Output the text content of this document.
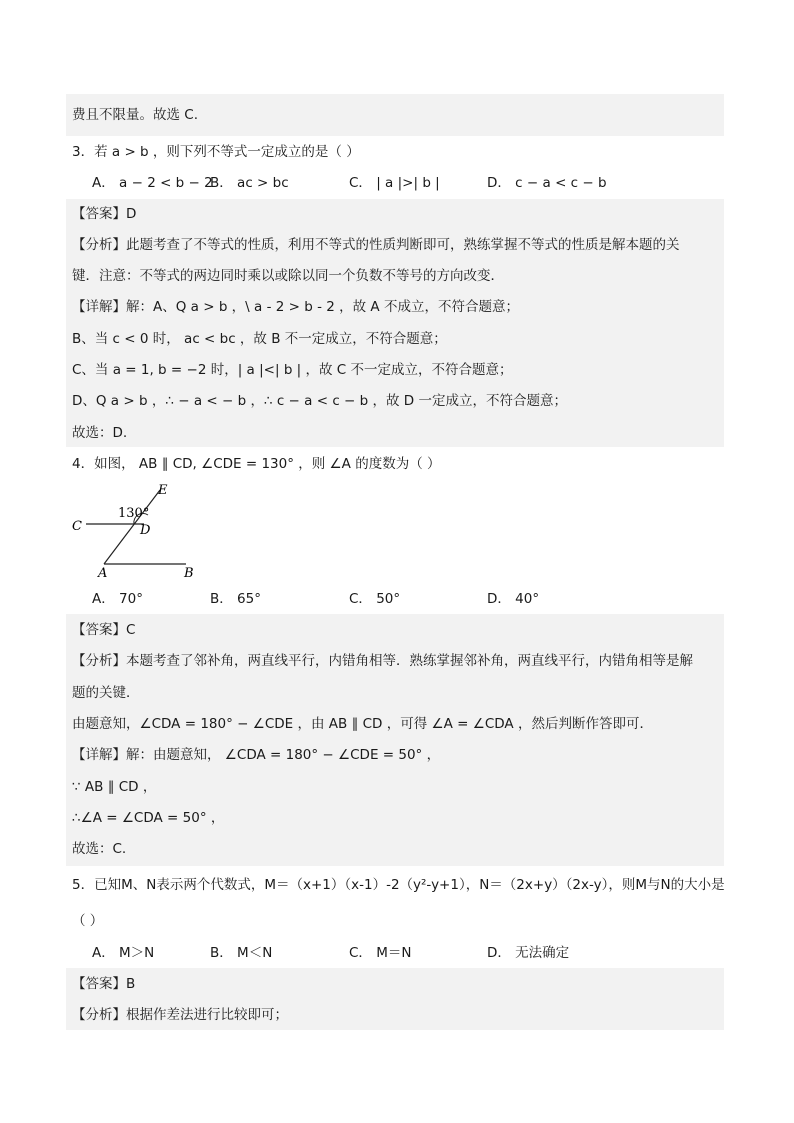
费且不限量。故选 C.
3．若 a > b ，则下列不等式一定成立的是（ ）
A． a − 2 < b − 2
B． ac > bc	C． | a |>| b |	D． c − a < c − b
【答案】D
【分析】此题考查了不等式的性质，利用不等式的性质判断即可，熟练掌握不等式的性质是解本题的关
键．注意：不等式的两边同时乘以或除以同一个负数不等号的方向改变．
【详解】解：A、Q a > b ，\ a - 2 > b - 2 ，故 A 不成立，不符合题意；
B、当 c < 0 时， ac < bc ，故 B 不一定成立，不符合题意；
C、当 a = 1, b = −2 时，| a |<| b | ，故 C 不一定成立，不符合题意；
D、Q a > b ，∴ − a < − b ，∴ c − a < c − b ，故 D 一定成立，不符合题意；
故选：D.
4．如图， AB ∥ CD, ∠CDE = 130° ，则 ∠A 的度数为（ ）
130°
E
C	D
A	B
A． 70°	B． 65°	C． 50°	D． 40°
【答案】C
【分析】本题考查了邻补角，两直线平行，内错角相等．熟练掌握邻补角，两直线平行，内错角相等是解
题的关键．
由题意知，∠CDA = 180° − ∠CDE ，由 AB ∥ CD ，可得 ∠A = ∠CDA ，然后判断作答即可．
【详解】解：由题意知， ∠CDA = 180° − ∠CDE = 50° ，
∵ AB ∥ CD ，
∴∠A = ∠CDA = 50° ，
故选：C.
5．已知M、N表示两个代数式，M＝（x+1）（x-1）-2（y²-y+1），N＝（2x+y）（2x-y），则M与N的大小是
（ ）
A． M＞N	B． M＜N	C． M＝N	D． 无法确定
【答案】B
【分析】根据作差法进行比较即可；
